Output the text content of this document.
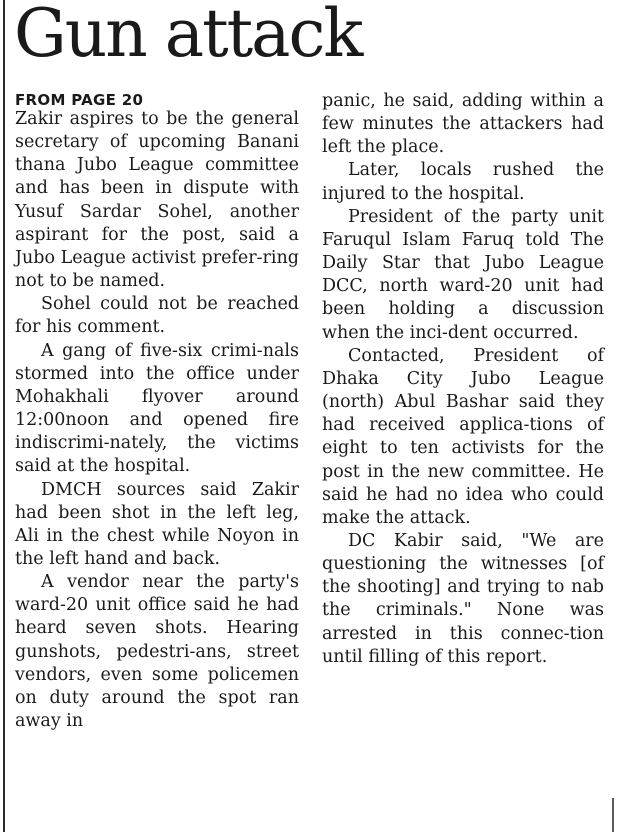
Gun attack
FROM PAGE 20

Zakir aspires to be the general secretary of upcoming Banani thana Jubo League committee and has been in dispute with Yusuf Sardar Sohel, another aspirant for the post, said a Jubo League activist prefer-ring not to be named.

Sohel could not be reached for his comment.

A gang of five-six crimi-nals stormed into the office under Mohakhali flyover around 12:00noon and opened fire indiscrimi-nately, the victims said at the hospital.

DMCH sources said Zakir had been shot in the left leg, Ali in the chest while Noyon in the left hand and back.

A vendor near the party's ward-20 unit office said he had heard seven shots. Hearing gunshots, pedestri-ans, street vendors, even some policemen on duty around the spot ran away in

panic, he said, adding within a few minutes the attackers had left the place.

Later, locals rushed the injured to the hospital.

President of the party unit Faruqul Islam Faruq told The Daily Star that Jubo League DCC, north ward-20 unit had been holding a discussion when the inci-dent occurred.

Contacted, President of Dhaka City Jubo League (north) Abul Bashar said they had received applica-tions of eight to ten activists for the post in the new committee. He said he had no idea who could make the attack.

DC Kabir said, "We are questioning the witnesses [of the shooting] and trying to nab the criminals." None was arrested in this connec-tion until filling of this report.
